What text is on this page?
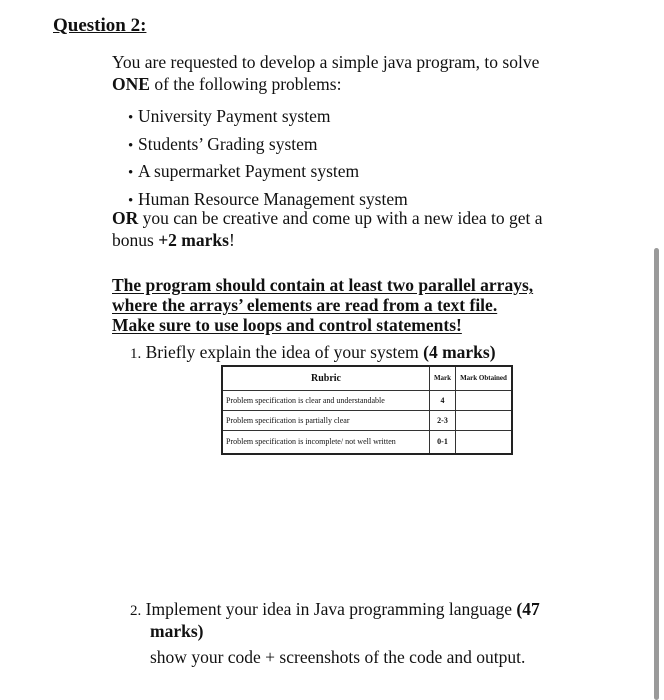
Question 2:
You are requested to develop a simple java program, to solve
ONE of the following problems:
• University Payment system
• Students’ Grading system
• A supermarket Payment system
• Human Resource Management system
OR you can be creative and come up with a new idea to get a
bonus +2 marks!
The program should contain at least two parallel arrays,
where the arrays’ elements are read from a text file.
Make sure to use loops and control statements!
1. Briefly explain the idea of your system (4 marks)
Rubric	Mark	Mark Obtained
Problem specification is clear and understandable	4	
Problem specification is partially clear	2-3	
Problem specification is incomplete/ not well written	0-1	
2. Implement your idea in Java programming language (47
marks)
show your code + screenshots of the code and output.
